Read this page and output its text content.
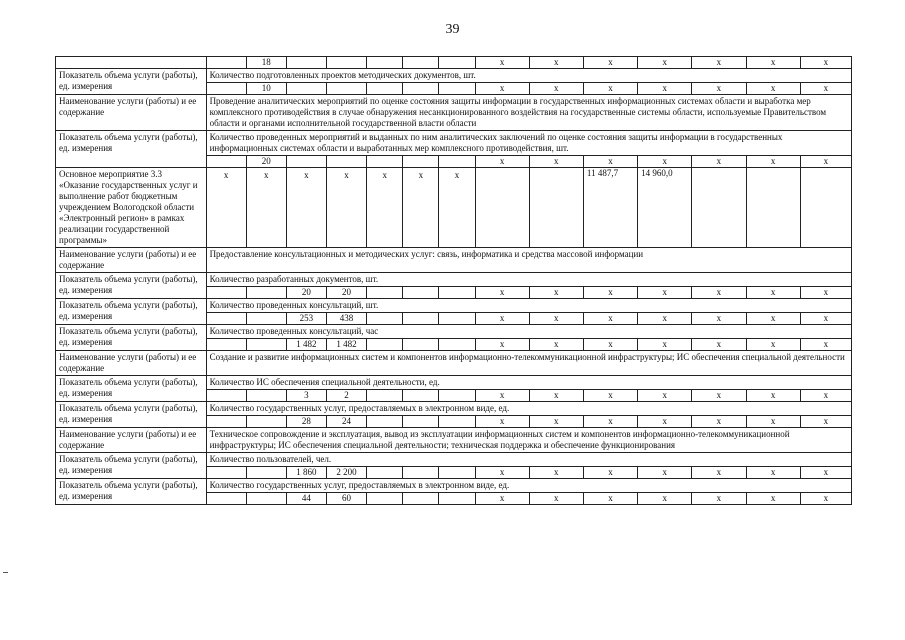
39
		18						x	x	x	x	x	x	x
Показатель объема услуги (работы), ед. измерения	Количество подготовленных проектов методических документов, шт.													
		10						x	x	x	x	x	x	x
Наименование услуги (работы) и ее содержание	Проведение аналитических мероприятий по оценке состояния защиты информации в государственных информационных системах области и выработка мер комплексного противодействия в случае обнаружения несанкционированного воздействия на государственные системы области, используемые Правительством области и органами исполнительной государственной власти области													
Показатель объема услуги (работы), ед. измерения	Количество проведенных мероприятий и выданных по ним аналитических заключений по оценке состояния защиты информации в государственных информационных системах области и выработанных мер комплексного противодействия, шт.													
		20						x	x	x	x	x	x	x
Основное мероприятие 3.3 «Оказание государственных услуг и выполнение работ бюджетным учреждением Вологодской области «Электронный регион» в рамках реализации государственной программы»	x	x	x	x	x	x	x			11 487,7	14 960,0			
Наименование услуги (работы) и ее содержание	Предоставление консультационных и методических услуг: связь, информатика и средства массовой информации													
Показатель объема услуги (работы), ед. измерения	Количество разработанных документов, шт.													
			20	20				x	x	x	x	x	x	x
Показатель объема услуги (работы), ед. измерения	Количество проведенных консультаций, шт.													
			253	438				x	x	x	x	x	x	x
Показатель объема услуги (работы), ед. измерения	Количество проведенных консультаций, час													
			1 482	1 482				x	x	x	x	x	x	x
Наименование услуги (работы) и ее содержание	Создание и развитие информационных систем и компонентов информационно-телекоммуникационной инфраструктуры; ИС обеспечения специальной деятельности													
Показатель объема услуги (работы), ед. измерения	Количество ИС обеспечения специальной деятельности, ед.													
			3	2				x	x	x	x	x	x	x
Показатель объема услуги (работы), ед. измерения	Количество государственных услуг, предоставляемых в электронном виде, ед.													
			28	24				x	x	x	x	x	x	x
Наименование услуги (работы) и ее содержание	Техническое сопровождение и эксплуатация, вывод из эксплуатации информационных систем и компонентов информационно-телекоммуникационной инфраструктуры; ИС обеспечения специальной деятельности; техническая поддержка и обеспечение функционирования													
Показатель объема услуги (работы), ед. измерения	Количество пользователей, чел.													
			1 860	2 200				x	x	x	x	x	x	x
Показатель объема услуги (работы), ед. измерения	Количество государственных услуг, предоставляемых в электронном виде, ед.													
			44	60				x	x	x	x	x	x	x
